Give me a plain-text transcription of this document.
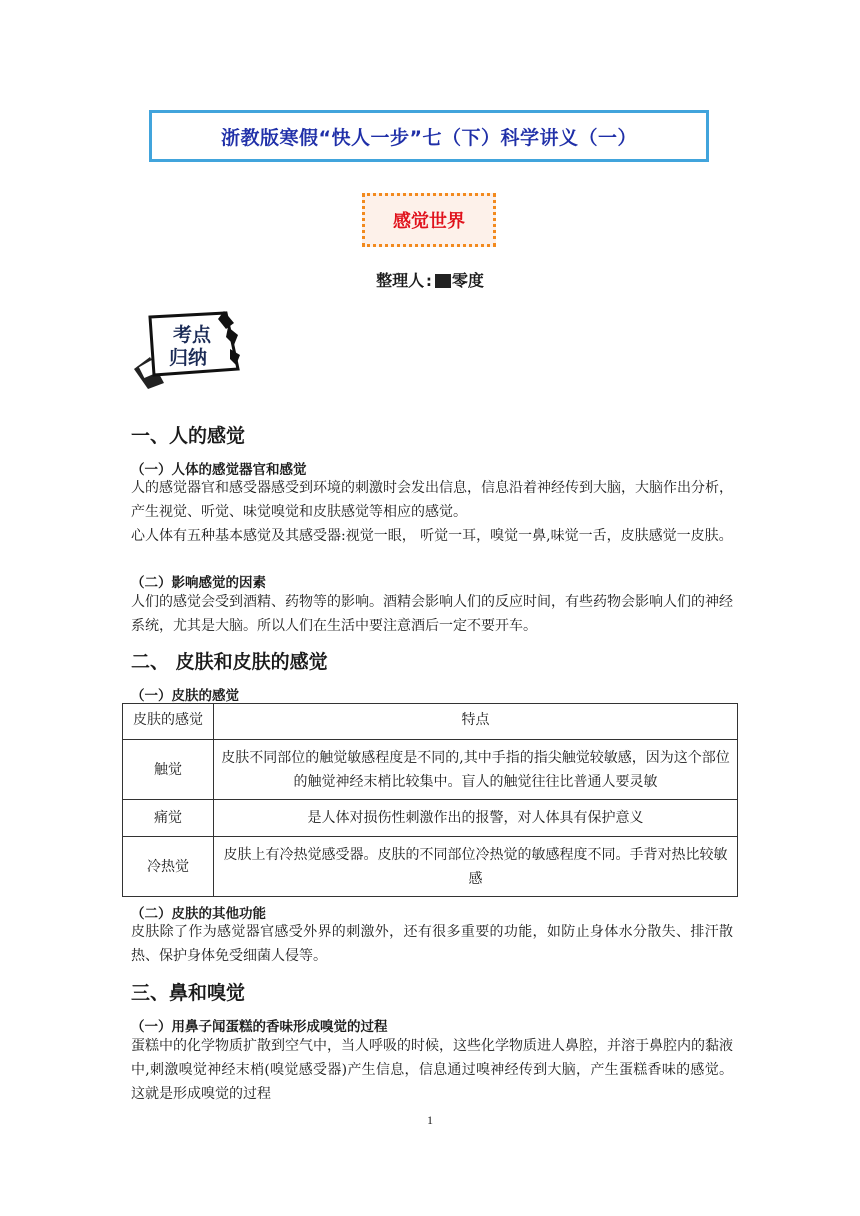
浙教版寒假“快人一步”七（下）科学讲义（一）
感觉世界
整理人: 零度
考点
归纳
一、人的感觉
（一）人体的感觉器官和感觉
人的感觉器官和感受器感受到环境的刺激时会发出信息，信息沿着神经传到大脑，大脑作出分析，产生视觉、听觉、味觉嗅觉和皮肤感觉等相应的感觉。
心人体有五种基本感觉及其感受器:视觉一眼， 听觉一耳，嗅觉一鼻,味觉一舌，皮肤感觉一皮肤。
（二）影响感觉的因素
人们的感觉会受到酒精、药物等的影响。酒精会影响人们的反应时间，有些药物会影响人们的神经系统，尤其是大脑。所以人们在生活中要注意酒后一定不要开车。
二、 皮肤和皮肤的感觉
（一）皮肤的感觉
皮肤的感觉	特点
触觉	皮肤不同部位的触觉敏感程度是不同的,其中手指的指尖触觉较敏感，因为这个部位的触觉神经末梢比较集中。盲人的触觉往往比普通人要灵敏
痛觉	是人体对损伤性刺激作出的报警，对人体具有保护意义
冷热觉	皮肤上有冷热觉感受器。皮肤的不同部位冷热觉的敏感程度不同。手背对热比较敏感
（二）皮肤的其他功能
皮肤除了作为感觉器官感受外界的刺激外，还有很多重要的功能，如防止身体水分散失、排汗散热、保护身体免受细菌人侵等。
三、鼻和嗅觉
（一）用鼻子闻蛋糕的香味形成嗅觉的过程
蛋糕中的化学物质扩散到空气中，当人呼吸的时候，这些化学物质进人鼻腔，并溶于鼻腔内的黏液中,刺激嗅觉神经末梢(嗅觉感受器)产生信息，信息通过嗅神经传到大脑，产生蛋糕香味的感觉。这就是形成嗅觉的过程
1
